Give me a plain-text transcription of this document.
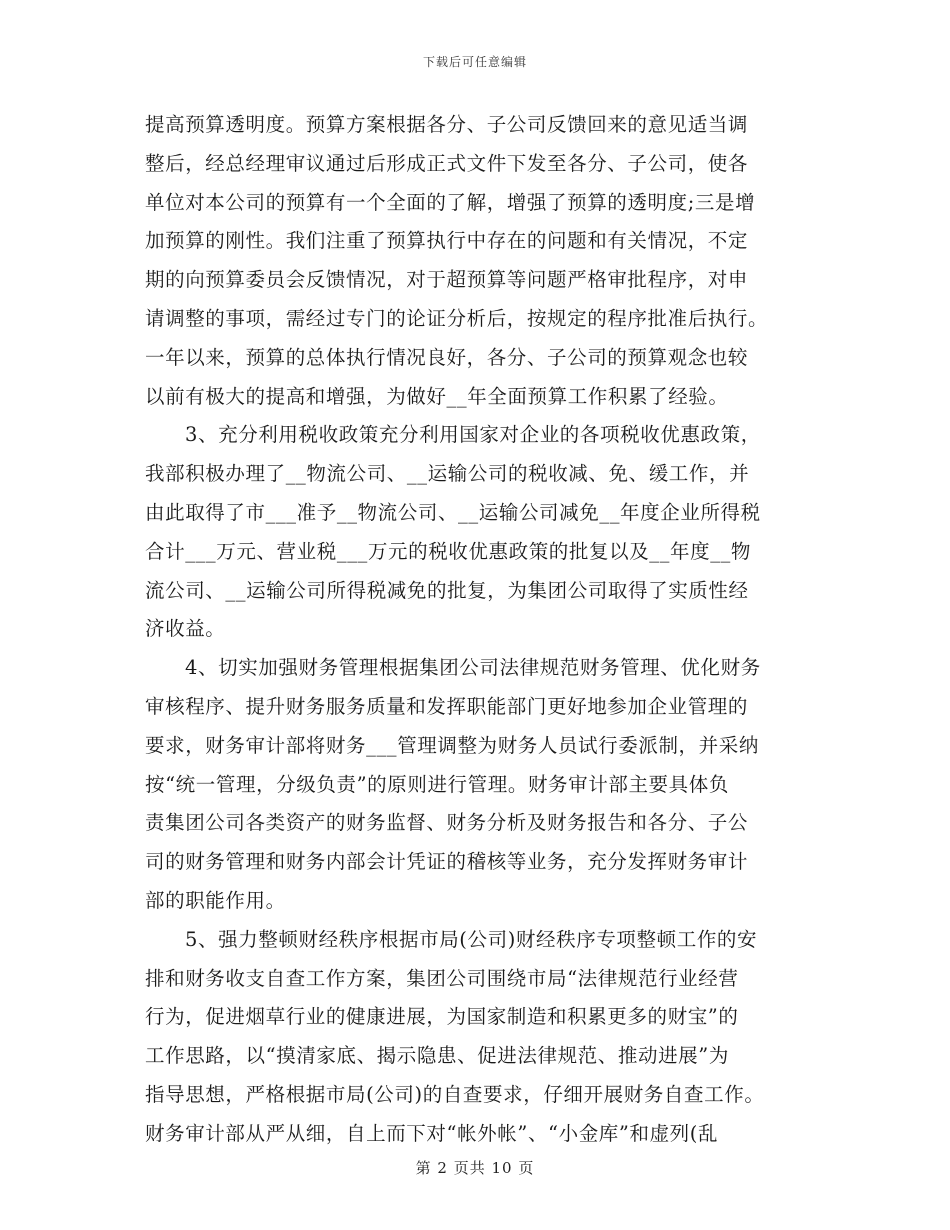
下载后可任意编辑
提高预算透明度。预算方案根据各分、子公司反馈回来的意见适当调
整后，经总经理审议通过后形成正式文件下发至各分、子公司，使各
单位对本公司的预算有一个全面的了解，增强了预算的透明度;三是增
加预算的刚性。我们注重了预算执行中存在的问题和有关情况，不定
期的向预算委员会反馈情况，对于超预算等问题严格审批程序，对申
请调整的事项，需经过专门的论证分析后，按规定的程序批准后执行。
一年以来，预算的总体执行情况良好，各分、子公司的预算观念也较
以前有极大的提高和增强，为做好__年全面预算工作积累了经验。
3、充分利用税收政策充分利用国家对企业的各项税收优惠政策，
我部积极办理了__物流公司、__运输公司的税收减、免、缓工作，并
由此取得了市___准予__物流公司、__运输公司减免__年度企业所得税
合计___万元、营业税___万元的税收优惠政策的批复以及__年度__物
流公司、__运输公司所得税减免的批复，为集团公司取得了实质性经
济收益。
4、切实加强财务管理根据集团公司法律规范财务管理、优化财务
审核程序、提升财务服务质量和发挥职能部门更好地参加企业管理的
要求，财务审计部将财务___管理调整为财务人员试行委派制，并采纳
按“统一管理，分级负责”的原则进行管理。财务审计部主要具体负
责集团公司各类资产的财务监督、财务分析及财务报告和各分、子公
司的财务管理和财务内部会计凭证的稽核等业务，充分发挥财务审计
部的职能作用。
5、强力整顿财经秩序根据市局(公司)财经秩序专项整顿工作的安
排和财务收支自查工作方案，集团公司围绕市局“法律规范行业经营
行为，促进烟草行业的健康进展，为国家制造和积累更多的财宝”的
工作思路，以“摸清家底、揭示隐患、促进法律规范、推动进展”为
指导思想，严格根据市局(公司)的自查要求，仔细开展财务自查工作。
财务审计部从严从细，自上而下对“帐外帐”、“小金库”和虚列(乱
第 2 页共 10 页
